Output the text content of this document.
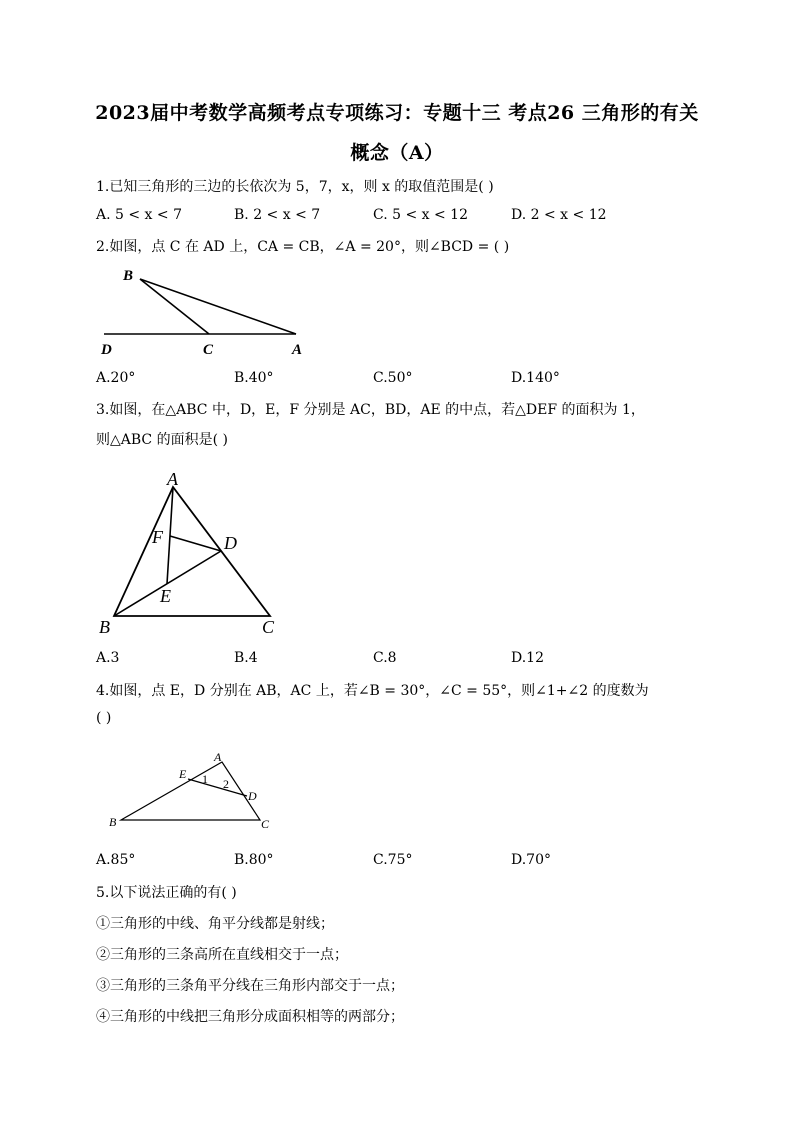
2023届中考数学高频考点专项练习：专题十三 考点26 三角形的有关
概念（A）
1.已知三角形的三边的长依次为 5，7，x，则 x 的取值范围是( )
A. 5 < x < 7	B. 2 < x < 7	C. 5 < x < 12	D. 2 < x < 12
2.如图，点 C 在 AD 上，CA = CB，∠A = 20°，则∠BCD = ( )
B
D	C	A
A.20°	B.40°	C.50°	D.140°
3.如图，在△ABC 中，D，E，F 分别是 AC，BD，AE 的中点，若△DEF 的面积为 1，
则△ABC 的面积是( )
A
F	D
E
B	C
A.3	B.4	C.8	D.12
4.如图，点 E，D 分别在 AB，AC 上，若∠B = 30°，∠C = 55°，则∠1+∠2 的度数为
( )
A
E 1 2
D
B	C
A.85°	B.80°	C.75°	D.70°
5.以下说法正确的有( )
①三角形的中线、角平分线都是射线；
②三角形的三条高所在直线相交于一点；
③三角形的三条角平分线在三角形内部交于一点；
④三角形的中线把三角形分成面积相等的两部分；
